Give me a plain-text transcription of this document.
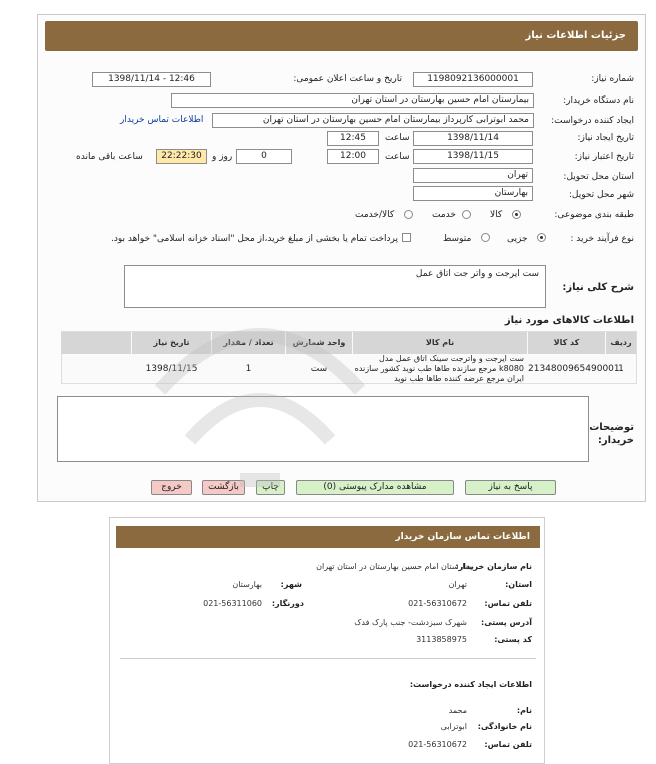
جزئیات اطلاعات نیاز
شماره نیاز:
1198092136000001
تاریخ و ساعت اعلان عمومی:
1398/11/14 - 12:46
نام دستگاه خریدار:
بیمارستان امام حسین بهارستان در استان تهران
ایجاد کننده درخواست:
محمد ابوترابی کارپرداز بیمارستان امام حسین بهارستان در استان تهران
اطلاعات تماس خریدار
تاریخ ایجاد نیاز:
1398/11/14
ساعت
12:45
تاریخ اعتبار نیاز:
1398/11/15
ساعت
12:00
0
روز و
22:22:30
ساعت باقی مانده
استان محل تحویل:
تهران
شهر محل تحویل:
بهارستان
طبقه بندی موضوعی:
کالا
خدمت
کالا/خدمت
نوع فرآیند خرید :
جزیی
متوسط
پرداخت تمام یا بخشی از مبلغ خرید،از محل "اسناد خزانه اسلامی" خواهد بود.
شرح کلی نیاز:
ست ایرجت و واتر جت اتاق عمل
اطلاعات کالاهای مورد نیاز
ردیف
کد کالا
نام کالا
واحد شمارش
تعداد / مقدار
تاریخ نیاز
1
2134800965490001
ست ایرجت و واترجت سینک اتاق عمل مدل k8080 مرجع سازنده طاها طب نوید کشور سازنده ایران مرجع عرضه کننده طاها طب نوید
ست
1
1398/11/15
توضیحات خریدار:
پاسخ به نیاز
مشاهده مدارک پیوستی (0)
چاپ
بازگشت
خروج
اطلاعات تماس سازمان خریدار
نام سازمان خریدار:
بیمارستان امام حسین بهارستان در استان تهران
استان:
تهران
شهر:
بهارستان
تلفن تماس:
021-56310672
دورنگار:
021-56311060
آدرس پستی:
شهرک سبزدشت- جنب پارک فدک
کد پستی:
3113858975
اطلاعات ایجاد کننده درخواست:
نام:
محمد
نام خانوادگی:
ابوترابی
تلفن تماس:
021-56310672
